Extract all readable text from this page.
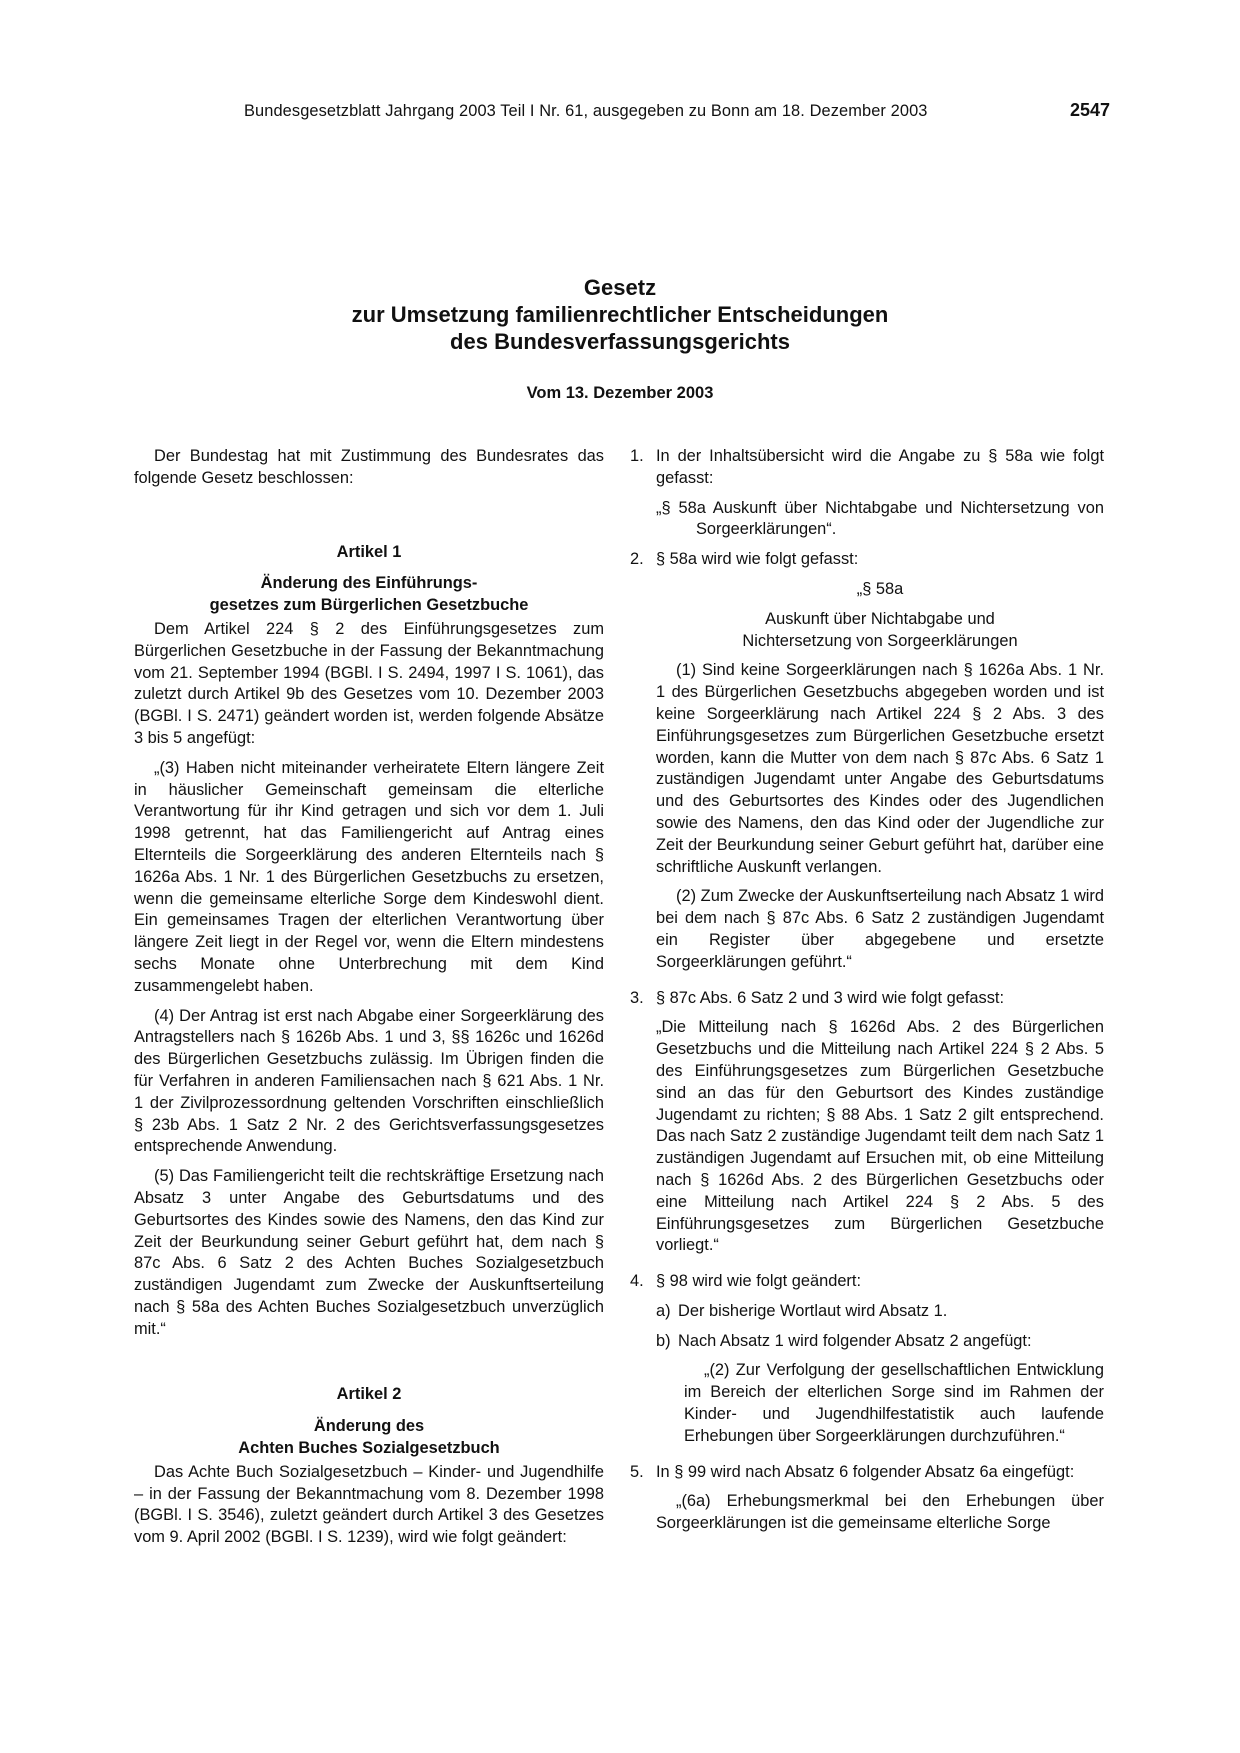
Bundesgesetzblatt Jahrgang 2003 Teil I Nr. 61, ausgegeben zu Bonn am 18. Dezember 2003	2547
Gesetz
zur Umsetzung familienrechtlicher Entscheidungen
des Bundesverfassungsgerichts
Vom 13. Dezember 2003

Der Bundestag hat mit Zustimmung des Bundesrates das folgende Gesetz beschlossen:

Artikel 1

Änderung des Einführungs-

gesetzes zum Bürgerlichen Gesetzbuche

Dem Artikel 224 § 2 des Einführungsgesetzes zum Bürgerlichen Gesetzbuche in der Fassung der Bekanntmachung vom 21. September 1994 (BGBl. I S. 2494, 1997 I S. 1061), das zuletzt durch Artikel 9b des Gesetzes vom 10. Dezember 2003 (BGBl. I S. 2471) geändert worden ist, werden folgende Absätze 3 bis 5 angefügt:

„(3) Haben nicht miteinander verheiratete Eltern längere Zeit in häuslicher Gemeinschaft gemeinsam die elterliche Verantwortung für ihr Kind getragen und sich vor dem 1. Juli 1998 getrennt, hat das Familiengericht auf Antrag eines Elternteils die Sorgeerklärung des anderen Elternteils nach § 1626a Abs. 1 Nr. 1 des Bürgerlichen Gesetzbuchs zu ersetzen, wenn die gemeinsame elterliche Sorge dem Kindeswohl dient. Ein gemeinsames Tragen der elterlichen Verantwortung über längere Zeit liegt in der Regel vor, wenn die Eltern mindestens sechs Monate ohne Unterbrechung mit dem Kind zusammengelebt haben.

(4) Der Antrag ist erst nach Abgabe einer Sorgeerklärung des Antragstellers nach § 1626b Abs. 1 und 3, §§ 1626c und 1626d des Bürgerlichen Gesetzbuchs zulässig. Im Übrigen finden die für Verfahren in anderen Familiensachen nach § 621 Abs. 1 Nr. 1 der Zivilprozessordnung geltenden Vorschriften einschließlich § 23b Abs. 1 Satz 2 Nr. 2 des Gerichtsverfassungsgesetzes entsprechende Anwendung.

(5) Das Familiengericht teilt die rechtskräftige Ersetzung nach Absatz 3 unter Angabe des Geburtsdatums und des Geburtsortes des Kindes sowie des Namens, den das Kind zur Zeit der Beurkundung seiner Geburt geführt hat, dem nach § 87c Abs. 6 Satz 2 des Achten Buches Sozialgesetzbuch zuständigen Jugendamt zum Zwecke der Auskunftserteilung nach § 58a des Achten Buches Sozialgesetzbuch unverzüglich mit.“

Artikel 2

Änderung des

Achten Buches Sozialgesetzbuch

Das Achte Buch Sozialgesetzbuch – Kinder- und Jugendhilfe – in der Fassung der Bekanntmachung vom 8. Dezember 1998 (BGBl. I S. 3546), zuletzt geändert durch Artikel 3 des Gesetzes vom 9. April 2002 (BGBl. I S. 1239), wird wie folgt geändert:

1. In der Inhaltsübersicht wird die Angabe zu § 58a wie folgt gefasst:

„§ 58a Auskunft über Nichtabgabe und Nichtersetzung von Sorgeerklärungen“.

2. § 58a wird wie folgt gefasst:

„§ 58a

Auskunft über Nichtabgabe und

Nichtersetzung von Sorgeerklärungen

(1) Sind keine Sorgeerklärungen nach § 1626a Abs. 1 Nr. 1 des Bürgerlichen Gesetzbuchs abgegeben worden und ist keine Sorgeerklärung nach Artikel 224 § 2 Abs. 3 des Einführungsgesetzes zum Bürgerlichen Gesetzbuche ersetzt worden, kann die Mutter von dem nach § 87c Abs. 6 Satz 1 zuständigen Jugendamt unter Angabe des Geburtsdatums und des Geburtsortes des Kindes oder des Jugendlichen sowie des Namens, den das Kind oder der Jugendliche zur Zeit der Beurkundung seiner Geburt geführt hat, darüber eine schriftliche Auskunft verlangen.

(2) Zum Zwecke der Auskunftserteilung nach Absatz 1 wird bei dem nach § 87c Abs. 6 Satz 2 zuständigen Jugendamt ein Register über abgegebene und ersetzte Sorgeerklärungen geführt.“

3. § 87c Abs. 6 Satz 2 und 3 wird wie folgt gefasst:

„Die Mitteilung nach § 1626d Abs. 2 des Bürgerlichen Gesetzbuchs und die Mitteilung nach Artikel 224 § 2 Abs. 5 des Einführungsgesetzes zum Bürgerlichen Gesetzbuche sind an das für den Geburtsort des Kindes zuständige Jugendamt zu richten; § 88 Abs. 1 Satz 2 gilt entsprechend. Das nach Satz 2 zuständige Jugendamt teilt dem nach Satz 1 zuständigen Jugendamt auf Ersuchen mit, ob eine Mitteilung nach § 1626d Abs. 2 des Bürgerlichen Gesetzbuchs oder eine Mitteilung nach Artikel 224 § 2 Abs. 5 des Einführungsgesetzes zum Bürgerlichen Gesetzbuche vorliegt.“

4. § 98 wird wie folgt geändert:

a) Der bisherige Wortlaut wird Absatz 1.

b) Nach Absatz 1 wird folgender Absatz 2 angefügt:

„(2) Zur Verfolgung der gesellschaftlichen Entwicklung im Bereich der elterlichen Sorge sind im Rahmen der Kinder- und Jugendhilfestatistik auch laufende Erhebungen über Sorgeerklärungen durchzuführen.“

5. In § 99 wird nach Absatz 6 folgender Absatz 6a eingefügt:

„(6a) Erhebungsmerkmal bei den Erhebungen über Sorgeerklärungen ist die gemeinsame elterliche Sorge
